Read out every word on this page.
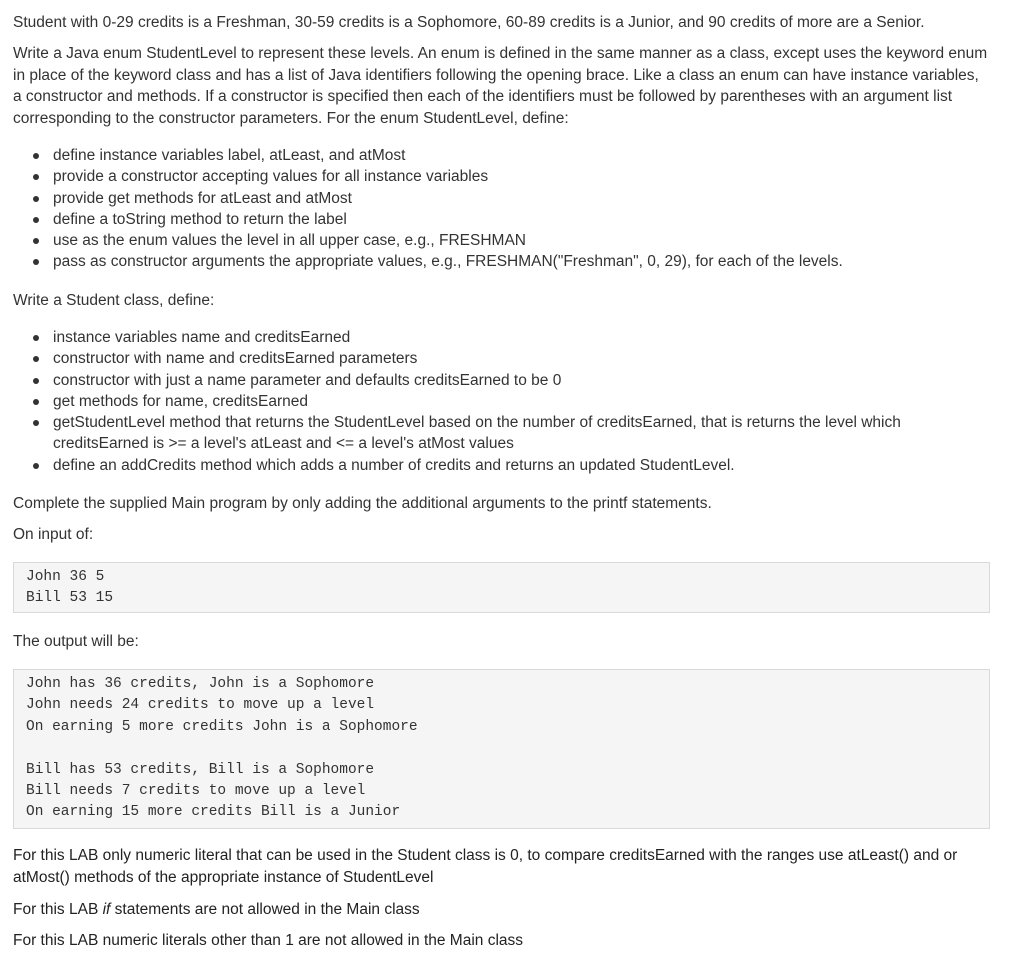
Student with 0-29 credits is a Freshman, 30-59 credits is a Sophomore, 60-89 credits is a Junior, and 90 credits of more are a Senior.

Write a Java enum StudentLevel to represent these levels. An enum is defined in the same manner as a class, except uses the keyword enum in place of the keyword class and has a list of Java identifiers following the opening brace. Like a class an enum can have instance variables, a constructor and methods. If a constructor is specified then each of the identifiers must be followed by parentheses with an argument list corresponding to the constructor parameters. For the enum StudentLevel, define:

define instance variables label, atLeast, and atMost
provide a constructor accepting values for all instance variables
provide get methods for atLeast and atMost
define a toString method to return the label
use as the enum values the level in all upper case, e.g., FRESHMAN
pass as constructor arguments the appropriate values, e.g., FRESHMAN("Freshman", 0, 29), for each of the levels.

Write a Student class, define:

instance variables name and creditsEarned
constructor with name and creditsEarned parameters
constructor with just a name parameter and defaults creditsEarned to be 0
get methods for name, creditsEarned
getStudentLevel method that returns the StudentLevel based on the number of creditsEarned, that is returns the level which creditsEarned is >= a level's atLeast and <= a level's atMost values
define an addCredits method which adds a number of credits and returns an updated StudentLevel.

Complete the supplied Main program by only adding the additional arguments to the printf statements.

On input of:

John 36 5
Bill 53 15

The output will be:

John has 36 credits, John is a Sophomore
John needs 24 credits to move up a level
On earning 5 more credits John is a Sophomore
Bill has 53 credits, Bill is a Sophomore
Bill needs 7 credits to move up a level
On earning 15 more credits Bill is a Junior

For this LAB only numeric literal that can be used in the Student class is 0, to compare creditsEarned with the ranges use atLeast() and or atMost() methods of the appropriate instance of StudentLevel

For this LAB if statements are not allowed in the Main class

For this LAB numeric literals other than 1 are not allowed in the Main class
